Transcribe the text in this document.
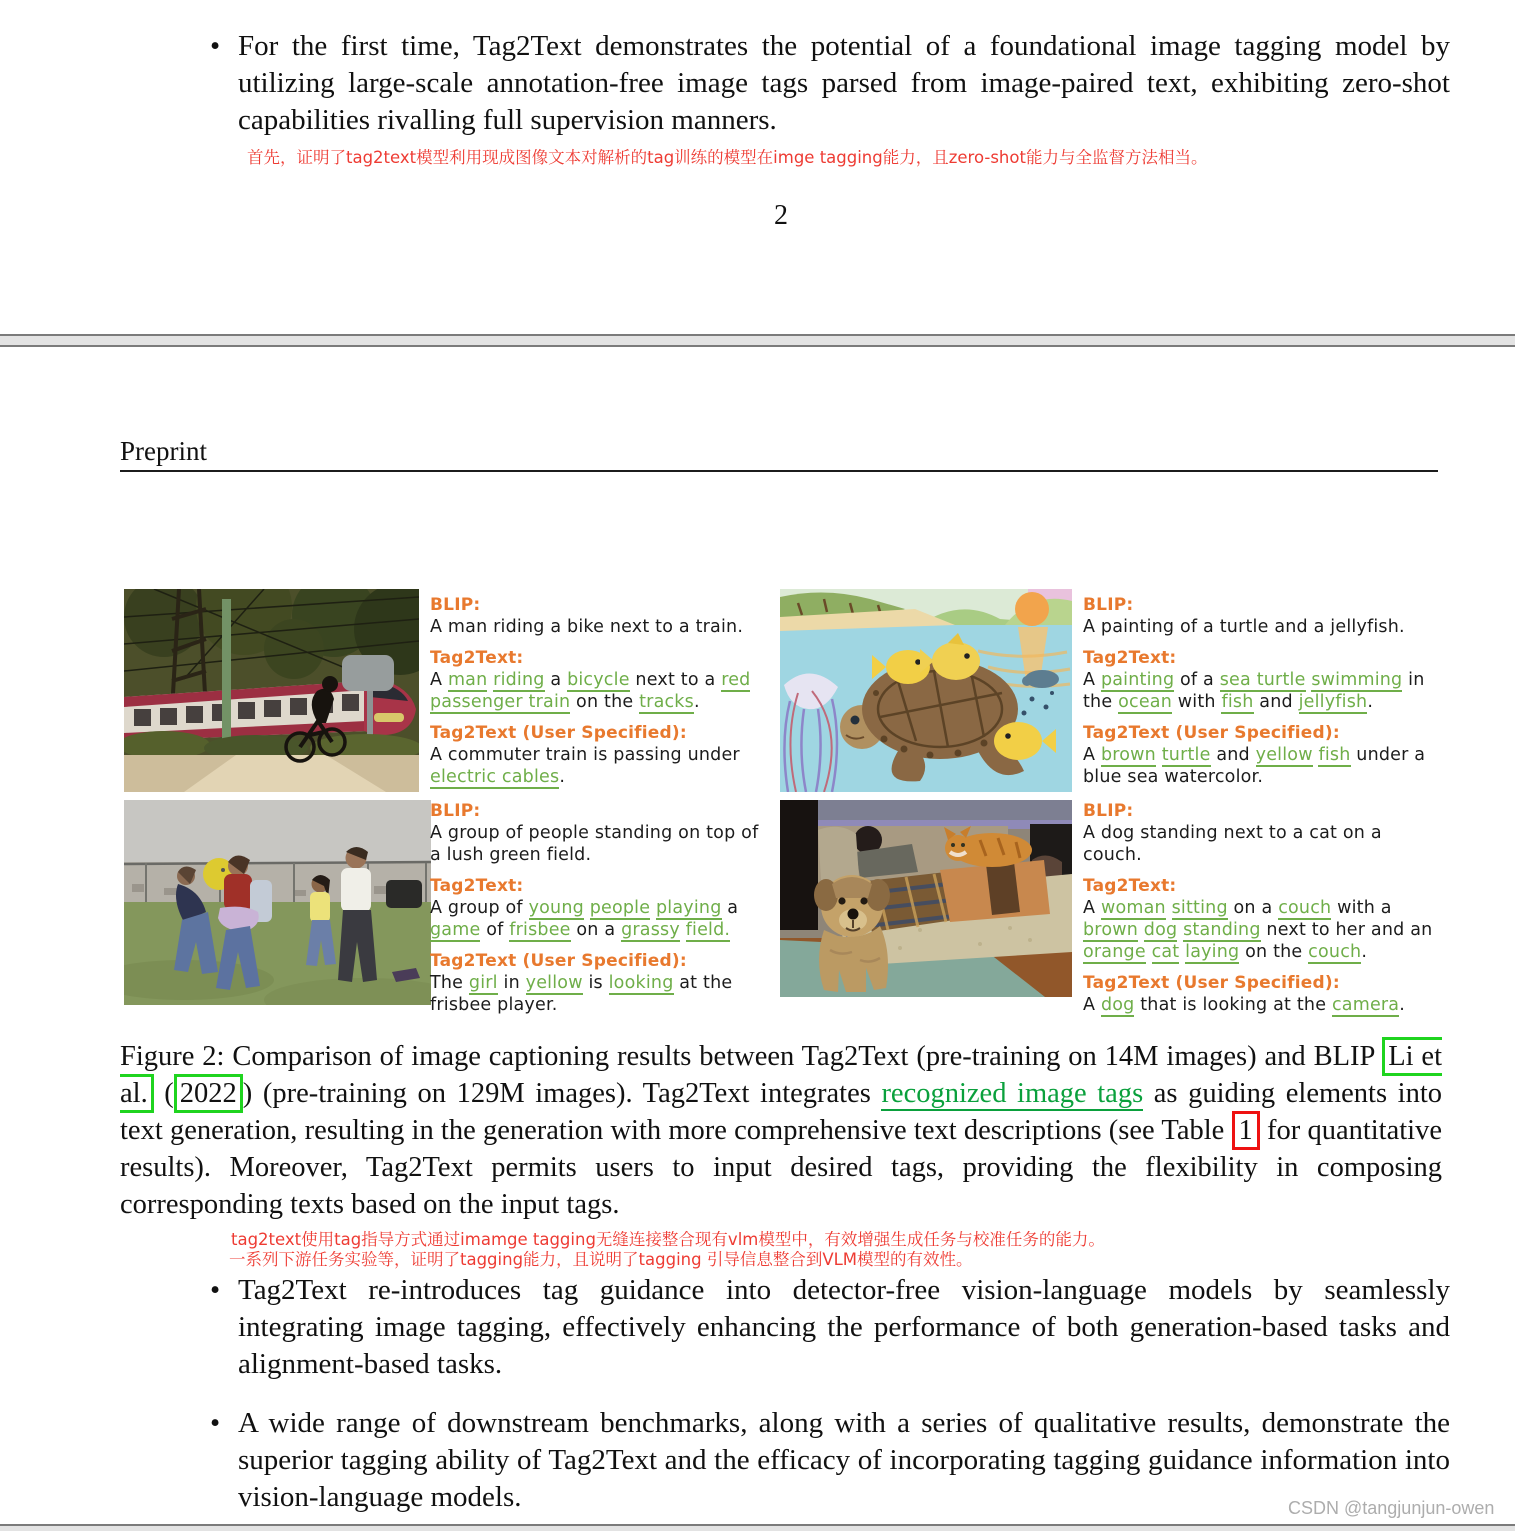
• For the first time, Tag2Text demonstrates the potential of a foundational image tagging model by utilizing large-scale annotation-free image tags parsed from image-paired text, exhibiting zero-shot capabilities rivalling full supervision manners.
首先，证明了tag2text模型利用现成图像文本对解析的tag训练的模型在imge tagging能力，且zero-shot能力与全监督方法相当。
2
Preprint
BLIP:
A man riding a bike next to a train.
Tag2Text:
A man riding a bicycle next to a red passenger train on the tracks.
Tag2Text (User Specified):
A commuter train is passing under electric cables.
BLIP:
A painting of a turtle and a jellyfish.
Tag2Text:
A painting of a sea turtle swimming in the ocean with fish and jellyfish.
Tag2Text (User Specified):
A brown turtle and yellow fish under a blue sea watercolor.
BLIP:
A group of people standing on top of a lush green field.
Tag2Text:
A group of young people playing a game of frisbee on a grassy field.
Tag2Text (User Specified):
The girl in yellow is looking at the frisbee player.
BLIP:
A dog standing next to a cat on a couch.
Tag2Text:
A woman sitting on a couch with a brown dog standing next to her and an orange cat laying on the couch.
Tag2Text (User Specified):
A dog that is looking at the camera.
Figure 2: Comparison of image captioning results between Tag2Text (pre-training on 14M images) and BLIP Li et al. ( 2022 ) (pre-training on 129M images). Tag2Text integrates recognized image tags as guiding elements into text generation, resulting in the generation with more comprehensive text descriptions (see Table 1 for quantitative results). Moreover, Tag2Text permits users to input desired tags, providing the flexibility in composing corresponding texts based on the input tags.
tag2text使用tag指导方式通过imamge tagging无缝连接整合现有vlm模型中，有效增强生成任务与校准任务的能力。
一系列下游任务实验等，证明了tagging能力，且说明了tagging 引导信息整合到VLM模型的有效性。
• Tag2Text re-introduces tag guidance into detector-free vision-language models by seamlessly integrating image tagging, effectively enhancing the performance of both generation-based tasks and alignment-based tasks.
• A wide range of downstream benchmarks, along with a series of qualitative results, demonstrate the superior tagging ability of Tag2Text and the efficacy of incorporating tagging guidance information into vision-language models.	CSDN @tangjunjun-owen
